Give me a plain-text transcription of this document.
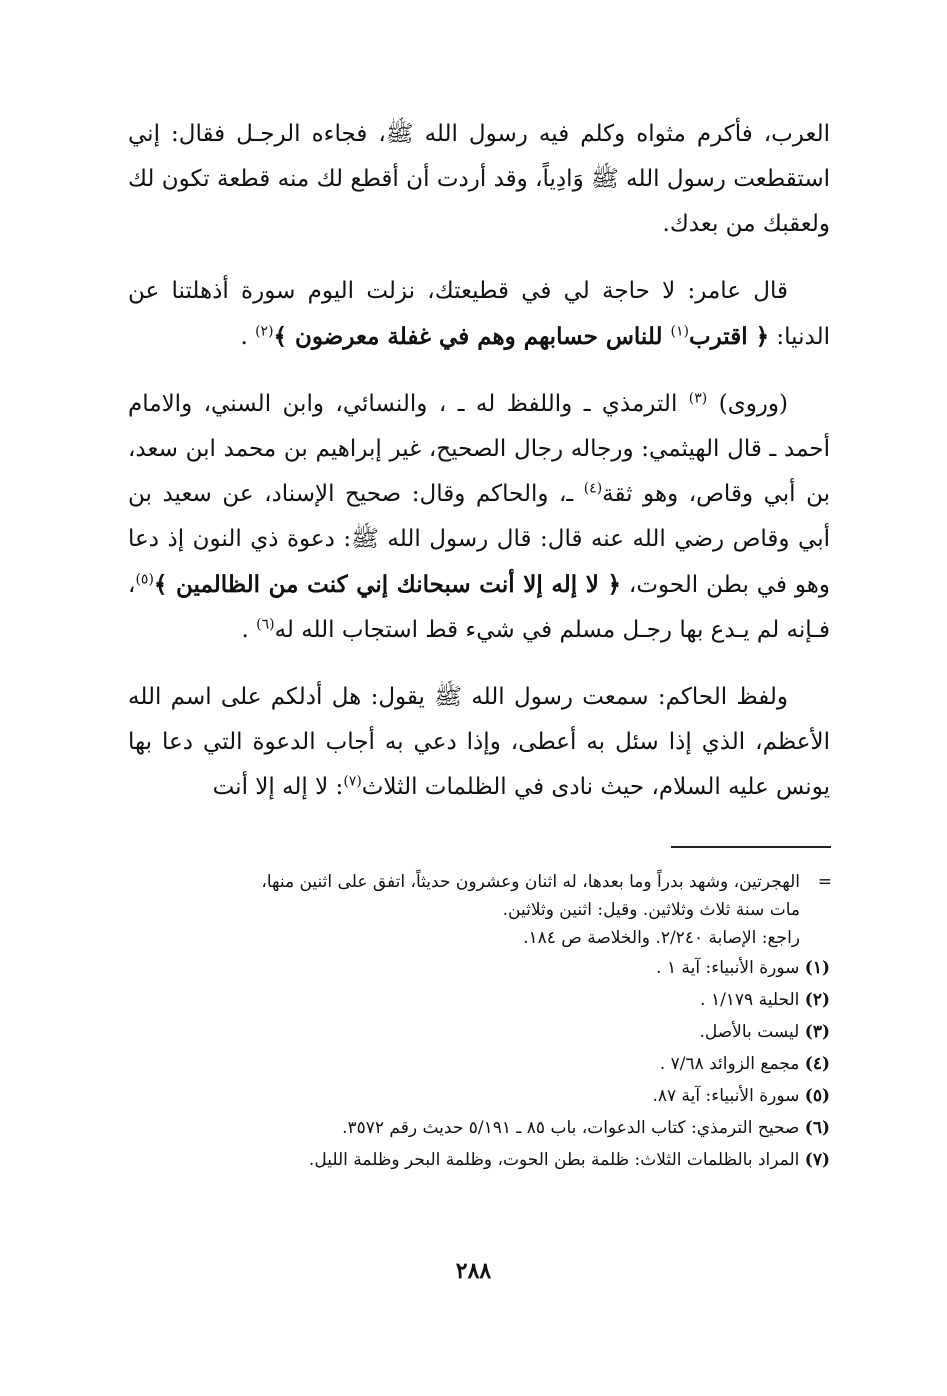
العرب، فأكرم مثواه وكلم فيه رسول الله ﷺ، فجاءه الرجـل فقال: إني استقطعت رسول الله ﷺ وَادِياً، وقد أردت أن أقطع لك منه قطعة تكون لك ولعقبك من بعدك.

قال عامر: لا حاجة لي في قطيعتك، نزلت اليوم سورة أذهلتنا عن الدنيا: ﴿ اقترب$^{(١)}$ للناس حسابهم وهم في غفلة معرضون ﴾$^{(٢)}$ .

(وروى) $^{(٣)}$ الترمذي ـ واللفظ له ـ ، والنسائي، وابن السني، والامام أحمد ـ قال الهيثمي: ورجاله رجال الصحيح، غير إبراهيم بن محمد ابن سعد، بن أبي وقاص، وهو ثقة$^{(٤)}$ ـ، والحاكم وقال: صحيح الإسناد، عن سعيد بن أبي وقاص رضي الله عنه قال: قال رسول الله ﷺ: دعوة ذي النون إذ دعا وهو في بطن الحوت، ﴿ لا إله إلا أنت سبحانك إني كنت من الظالمين ﴾$^{(٥)}$، فـإنه لم يـدع بها رجـل مسلم في شيء قط استجاب الله له$^{(٦)}$ .

ولفظ الحاكم: سمعت رسول الله ﷺ يقول: هل أدلكم على اسم الله الأعظم، الذي إذا سئل به أعطى، وإذا دعي به أجاب الدعوة التي دعا بها يونس عليه السلام، حيث نادى في الظلمات الثلاث$^{(٧)}$: لا إله إلا أنت

=

الهجرتين، وشهد بدراً وما بعدها، له اثنان وعشرون حديثاً، اتفق على اثنين منها،

مات سنة ثلاث وثلاثين. وقيل: اثنين وثلاثين.

راجع: الإصابة ٢/٢٤٠. والخلاصة ص ١٨٤.

(١) سورة الأنبياء: آية ١ .

(٢) الحلية ١/١٧٩ .

(٣) ليست بالأصل.

(٤) مجمع الزوائد ٧/٦٨ .

(٥) سورة الأنبياء: آية ٨٧.

(٦) صحيح الترمذي: كتاب الدعوات، باب ٨٥ ـ ٥/١٩١ حديث رقم ٣٥٧٢.

(٧) المراد بالظلمات الثلاث: ظلمة بطن الحوت، وظلمة البحر وظلمة الليل.

٢٨٨
